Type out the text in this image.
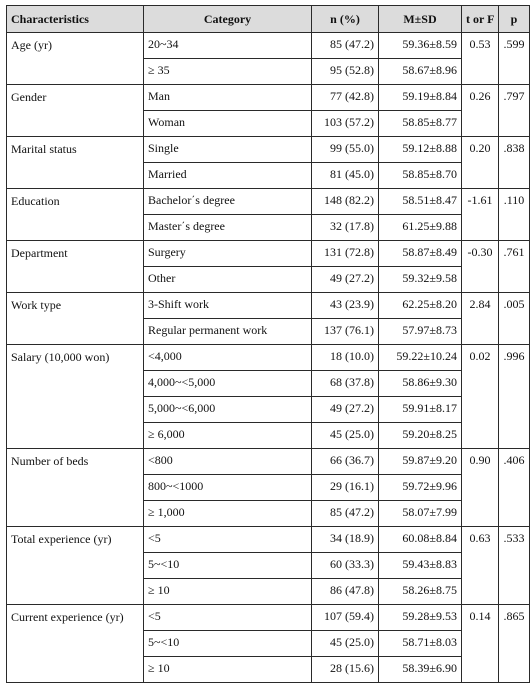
Characteristics	Category	n (%)	M±SD	t or F	p
Age (yr)	20~34	85 (47.2)	59.36±8.59	0.53	.599
	≥ 35	95 (52.8)	58.67±8.96		
Gender	Man	77 (42.8)	59.19±8.84	0.26	.797
	Woman	103 (57.2)	58.85±8.77		
Marital status	Single	99 (55.0)	59.12±8.88	0.20	.838
	Married	81 (45.0)	58.85±8.70		
Education	Bachelor΄s degree	148 (82.2)	58.51±8.47	-1.61	.110
	Master΄s degree	32 (17.8)	61.25±9.88		
Department	Surgery	131 (72.8)	58.87±8.49	-0.30	.761
	Other	49 (27.2)	59.32±9.58		
Work type	3-Shift work	43 (23.9)	62.25±8.20	2.84	.005
	Regular permanent work	137 (76.1)	57.97±8.73		
Salary (10,000 won)	<4,000	18 (10.0)	59.22±10.24	0.02	.996
	4,000~<5,000	68 (37.8)	58.86±9.30		
	5,000~<6,000	49 (27.2)	59.91±8.17		
	≥ 6,000	45 (25.0)	59.20±8.25		
Number of beds	<800	66 (36.7)	59.87±9.20	0.90	.406
	800~<1000	29 (16.1)	59.72±9.96		
	≥ 1,000	85 (47.2)	58.07±7.99		
Total experience (yr)	<5	34 (18.9)	60.08±8.84	0.63	.533
	5~<10	60 (33.3)	59.43±8.83		
	≥ 10	86 (47.8)	58.26±8.75		
Current experience (yr)	<5	107 (59.4)	59.28±9.53	0.14	.865
	5~<10	45 (25.0)	58.71±8.03		
	≥ 10	28 (15.6)	58.39±6.90		
